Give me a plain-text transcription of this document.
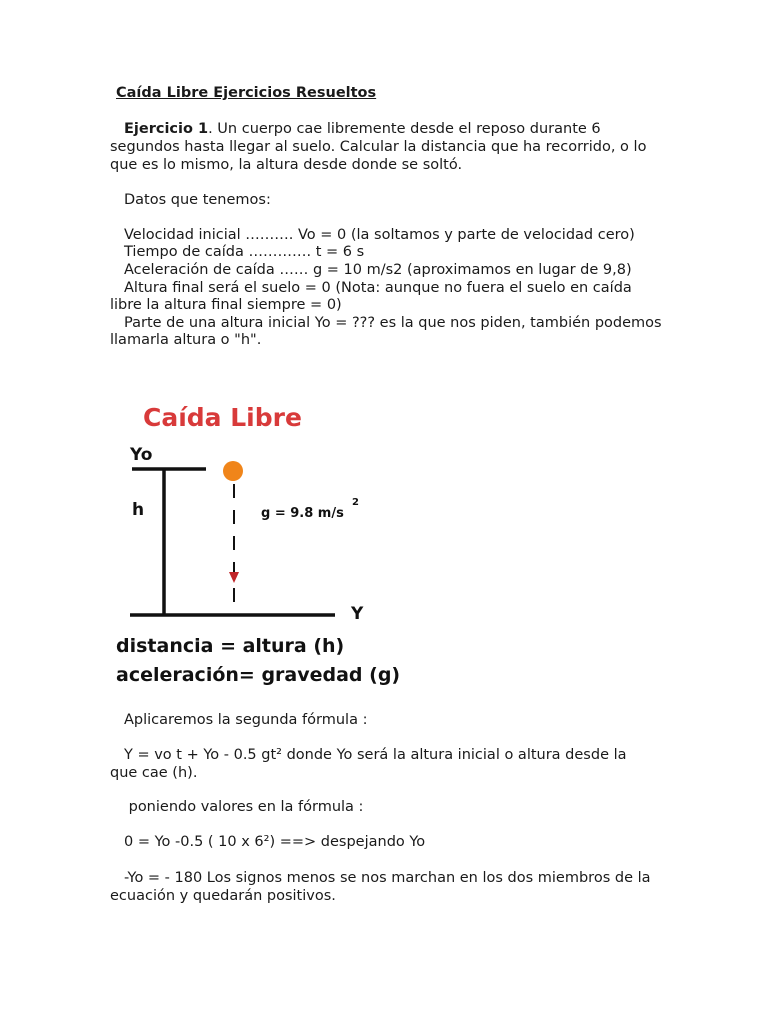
Caída Libre Ejercicios Resueltos
Ejercicio 1. Un cuerpo cae libremente desde el reposo durante 6
segundos hasta llegar al suelo. Calcular la distancia que ha recorrido, o lo
que es lo mismo, la altura desde donde se soltó.
Datos que tenemos:
Velocidad inicial ………. Vo = 0 (la soltamos y parte de velocidad cero)
Tiempo de caída …………. t = 6 s
Aceleración de caída …… g = 10 m/s2 (aproximamos en lugar de 9,8)
Altura final será el suelo = 0 (Nota: aunque no fuera el suelo en caída
libre la altura final siempre = 0)
Parte de una altura inicial Yo = ??? es la que nos piden, también podemos
llamarla altura o "h".
Caída Libre
Yo
h	g = 9.8 m/s
2
Y
distancia = altura (h)
aceleración= gravedad (g)
Aplicaremos la segunda fórmula :
Y = vo t + Yo - 0.5 gt² donde Yo será la altura inicial o altura desde la
que cae (h).
poniendo valores en la fórmula :
0 = Yo -0.5 ( 10 x 6²) ==> despejando Yo
-Yo = - 180 Los signos menos se nos marchan en los dos miembros de la
ecuación y quedarán positivos.
